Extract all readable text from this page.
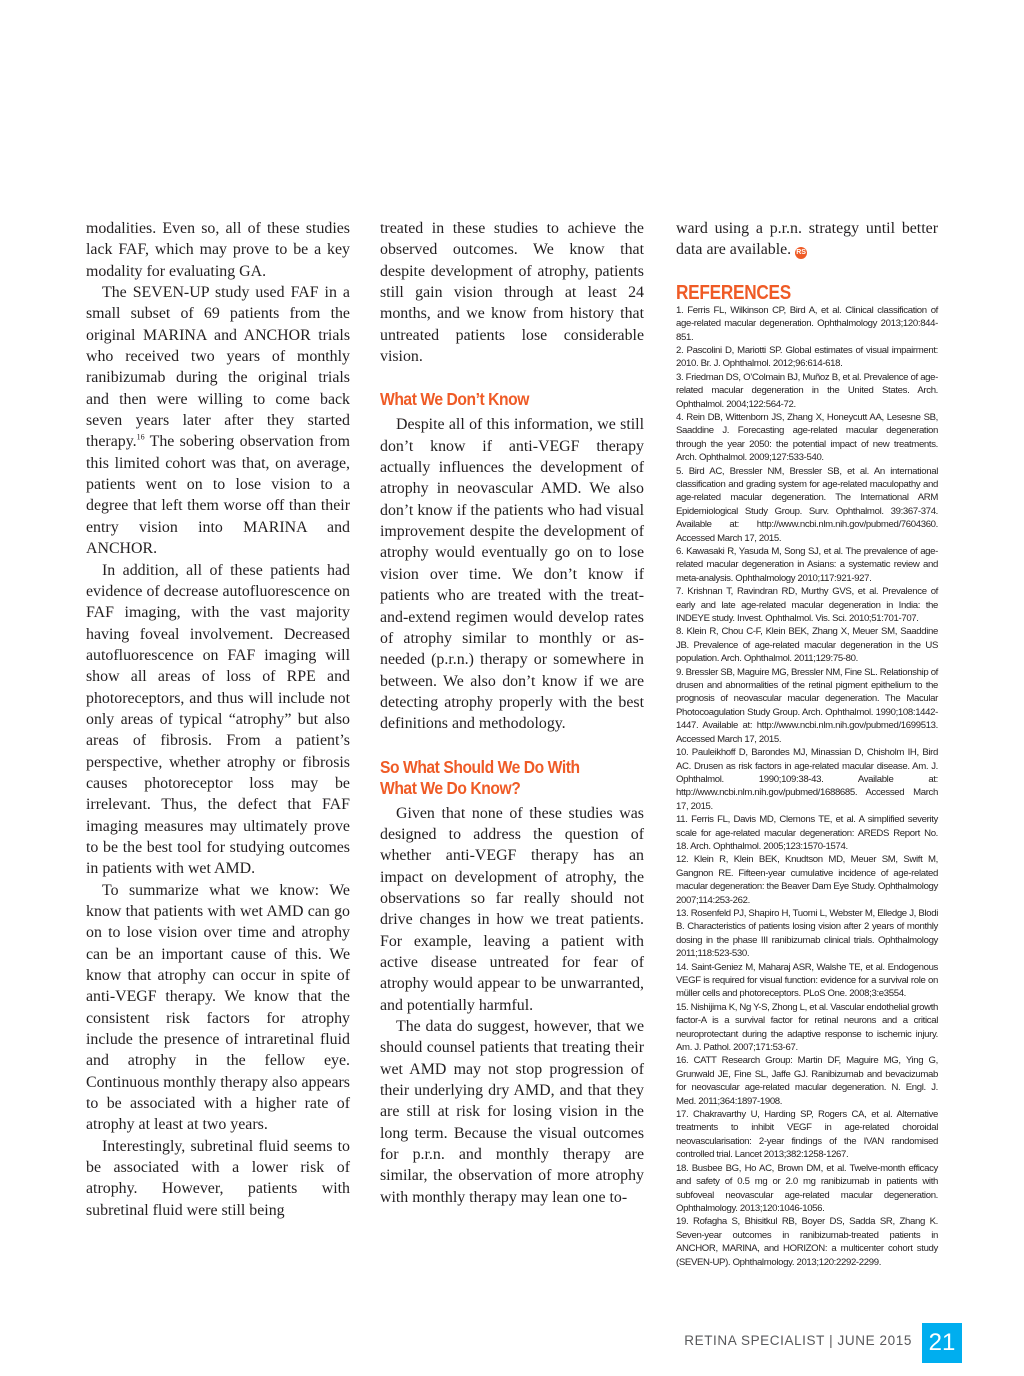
modalities. Even so, all of these studies lack FAF, which may prove to be a key modality for evaluating GA.

The SEVEN-UP study used FAF in a small subset of 69 patients from the original MARINA and ANCHOR trials who received two years of monthly ranibizumab during the original trials and then were willing to come back seven years later after they started therapy.$^{16}$ The sobering observation from this limited cohort was that, on average, patients went on to lose vision to a degree that left them worse off than their entry vision into MARINA and ANCHOR.

In addition, all of these patients had evidence of decrease autofluorescence on FAF imaging, with the vast majority having foveal involvement. Decreased autofluorescence on FAF imaging will show all areas of loss of RPE and photoreceptors, and thus will include not only areas of typical “atrophy” but also areas of fibrosis. From a patient’s perspective, whether atrophy or fibrosis causes photoreceptor loss may be irrelevant. Thus, the defect that FAF imaging measures may ultimately prove to be the best tool for studying outcomes in patients with wet AMD.

To summarize what we know: We know that patients with wet AMD can go on to lose vision over time and atrophy can be an important cause of this. We know that atrophy can occur in spite of anti-VEGF therapy. We know that the consistent risk factors for atrophy include the presence of intraretinal fluid and atrophy in the fellow eye. Continuous monthly therapy also appears to be associated with a higher rate of atrophy at least at two years.

Interestingly, subretinal fluid seems to be associated with a lower risk of atrophy. However, patients with subretinal fluid were still being

treated in these studies to achieve the observed outcomes. We know that despite development of atrophy, patients still gain vision through at least 24 months, and we know from history that untreated patients lose considerable vision.

What We Don’t Know

Despite all of this information, we still don’t know if anti-VEGF therapy actually influences the development of atrophy in neovascular AMD. We also don’t know if the patients who had visual improvement despite the development of atrophy would eventually go on to lose vision over time. We don’t know if patients who are treated with the treat-and-extend regimen would develop rates of atrophy similar to monthly or as-needed (p.r.n.) therapy or somewhere in between. We also don’t know if we are detecting atrophy properly with the best definitions and methodology.

So What Should We Do With What We Do Know?

Given that none of these studies was designed to address the question of whether anti-VEGF therapy has an impact on development of atrophy, the observations so far really should not drive changes in how we treat patients. For example, leaving a patient with active disease untreated for fear of atrophy would appear to be unwarranted, and potentially harmful.

The data do suggest, however, that we should counsel patients that treating their wet AMD may not stop progression of their underlying dry AMD, and that they are still at risk for losing vision in the long term. Because the visual outcomes for p.r.n. and monthly therapy are similar, the observation of more atrophy with monthly therapy may lean one to-

ward using a p.r.n. strategy until better data are available. RS

REFERENCES

1. Ferris FL, Wilkinson CP, Bird A, et al. Clinical classification of age-related macular degeneration. Ophthalmology 2013;120:844-851.

2. Pascolini D, Mariotti SP. Global estimates of visual impairment: 2010. Br. J. Ophthalmol. 2012;96:614-618.

3. Friedman DS, O’Colmain BJ, Muñoz B, et al. Prevalence of age-related macular degeneration in the United States. Arch. Ophthalmol. 2004;122:564-72.

4. Rein DB, Wittenborn JS, Zhang X, Honeycutt AA, Lesesne SB, Saaddine J. Forecasting age-related macular degeneration through the year 2050: the potential impact of new treatments. Arch. Ophthalmol. 2009;127:533-540.

5. Bird AC, Bressler NM, Bressler SB, et al. An international classification and grading system for age-related maculopathy and age-related macular degeneration. The International ARM Epidemiological Study Group. Surv. Ophthalmol. 39:367-374. Available at: http://www.ncbi.nlm.nih.gov/pubmed/7604360. Accessed March 17, 2015.

6. Kawasaki R, Yasuda M, Song SJ, et al. The prevalence of age-related macular degeneration in Asians: a systematic review and meta-analysis. Ophthalmology 2010;117:921-927.

7. Krishnan T, Ravindran RD, Murthy GVS, et al. Prevalence of early and late age-related macular degeneration in India: the INDEYE study. Invest. Ophthalmol. Vis. Sci. 2010;51:701-707.

8. Klein R, Chou C-F, Klein BEK, Zhang X, Meuer SM, Saaddine JB. Prevalence of age-related macular degeneration in the US population. Arch. Ophthalmol. 2011;129:75-80.

9. Bressler SB, Maguire MG, Bressler NM, Fine SL. Relationship of drusen and abnormalities of the retinal pigment epithelium to the prognosis of neovascular macular degeneration. The Macular Photocoagulation Study Group. Arch. Ophthalmol. 1990;108:1442-1447. Available at: http://www.ncbi.nlm.nih.gov/pubmed/1699513. Accessed March 17, 2015.

10. Pauleikhoff D, Barondes MJ, Minassian D, Chisholm IH, Bird AC. Drusen as risk factors in age-related macular disease. Am. J. Ophthalmol. 1990;109:38-43. Available at: http://www.ncbi.nlm.nih.gov/pubmed/1688685. Accessed March 17, 2015.

11. Ferris FL, Davis MD, Clemons TE, et al. A simplified severity scale for age-related macular degeneration: AREDS Report No. 18. Arch. Ophthalmol. 2005;123:1570-1574.

12. Klein R, Klein BEK, Knudtson MD, Meuer SM, Swift M, Gangnon RE. Fifteen-year cumulative incidence of age-related macular degeneration: the Beaver Dam Eye Study. Ophthalmology 2007;114:253-262.

13. Rosenfeld PJ, Shapiro H, Tuomi L, Webster M, Elledge J, Blodi B. Characteristics of patients losing vision after 2 years of monthly dosing in the phase III ranibizumab clinical trials. Ophthalmology 2011;118:523-530.

14. Saint-Geniez M, Maharaj ASR, Walshe TE, et al. Endogenous VEGF is required for visual function: evidence for a survival role on müller cells and photoreceptors. PLoS One. 2008;3:e3554.

15. Nishijima K, Ng Y-S, Zhong L, et al. Vascular endothelial growth factor-A is a survival factor for retinal neurons and a critical neuroprotectant during the adaptive response to ischemic injury. Am. J. Pathol. 2007;171:53-67.

16. CATT Research Group: Martin DF, Maguire MG, Ying G, Grunwald JE, Fine SL, Jaffe GJ. Ranibizumab and bevacizumab for neovascular age-related macular degeneration. N. Engl. J. Med. 2011;364:1897-1908.

17. Chakravarthy U, Harding SP, Rogers CA, et al. Alternative treatments to inhibit VEGF in age-related choroidal neovascularisation: 2-year findings of the IVAN randomised controlled trial. Lancet 2013;382:1258-1267.

18. Busbee BG, Ho AC, Brown DM, et al. Twelve-month efficacy and safety of 0.5 mg or 2.0 mg ranibizumab in patients with subfoveal neovascular age-related macular degeneration. Ophthalmology. 2013;120:1046-1056.

19. Rofagha S, Bhisitkul RB, Boyer DS, Sadda SR, Zhang K. Seven-year outcomes in ranibizumab-treated patients in ANCHOR, MARINA, and HORIZON: a multicenter cohort study (SEVEN-UP). Ophthalmology. 2013;120:2292-2299.

RETINA SPECIALIST | JUNE 2015 21
